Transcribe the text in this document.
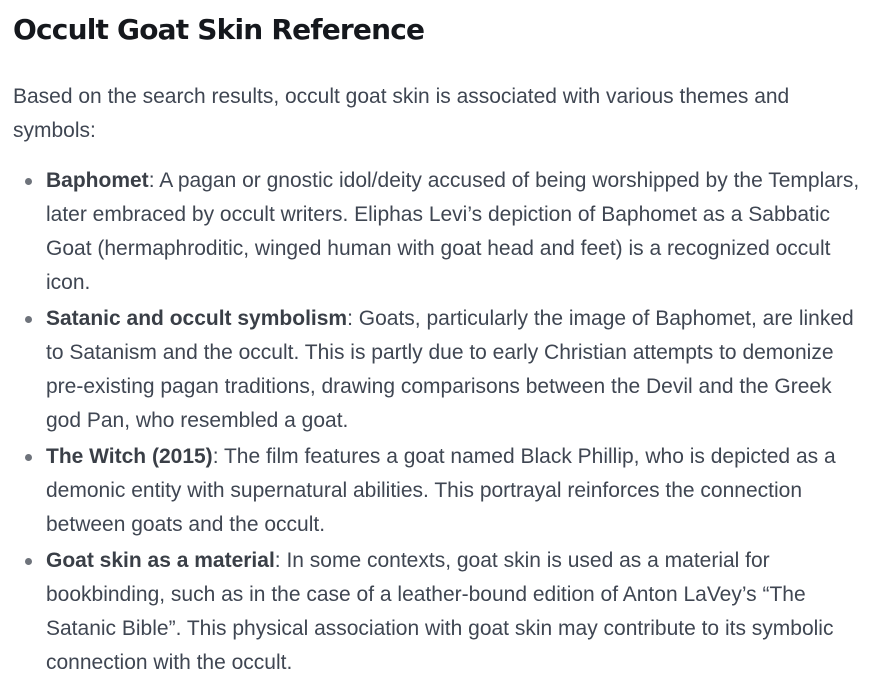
Occult Goat Skin Reference

Based on the search results, occult goat skin is associated with various themes and symbols:

Baphomet: A pagan or gnostic idol/deity accused of being worshipped by the Templars, later embraced by occult writers. Eliphas Levi’s depiction of Baphomet as a Sabbatic Goat (hermaphroditic, winged human with goat head and feet) is a recognized occult icon.
Satanic and occult symbolism: Goats, particularly the image of Baphomet, are linked to Satanism and the occult. This is partly due to early Christian attempts to demonize pre-existing pagan traditions, drawing comparisons between the Devil and the Greek god Pan, who resembled a goat.
The Witch (2015): The film features a goat named Black Phillip, who is depicted as a demonic entity with supernatural abilities. This portrayal reinforces the connection between goats and the occult.
Goat skin as a material: In some contexts, goat skin is used as a material for bookbinding, such as in the case of a leather-bound edition of Anton LaVey’s “The Satanic Bible”. This physical association with goat skin may contribute to its symbolic connection with the occult.
